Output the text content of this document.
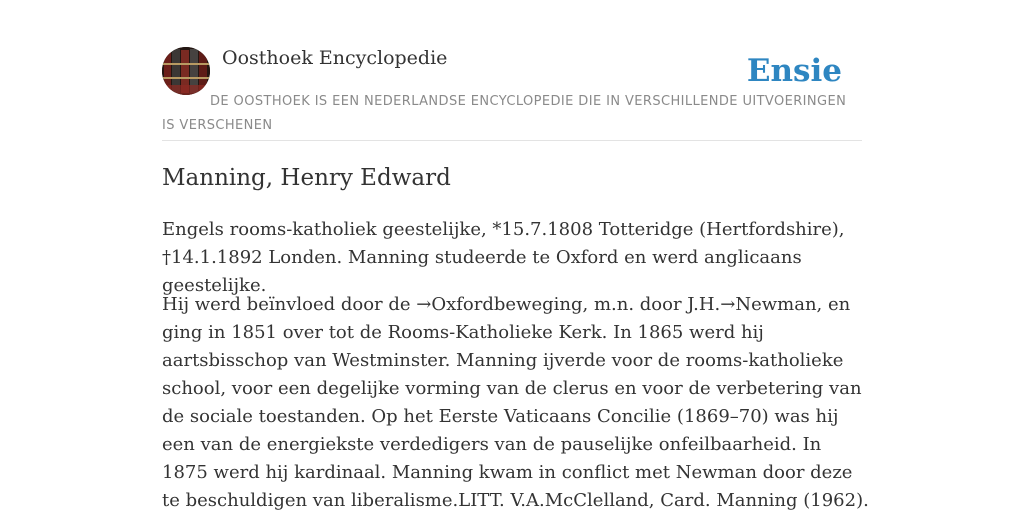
Oosthoek Encyclopedie	Ensie
DE OOSTHOEK IS EEN NEDERLANDSE ENCYCLOPEDIE DIE IN VERSCHILLENDE UITVOERINGEN IS VERSCHENEN
Manning, Henry Edward

Engels rooms-katholiek geestelijke, *15.7.1808 Totteridge (Hertfordshire), †14.1.1892 Londen. Manning studeerde te Oxford en werd anglicaans geestelijke.

Hij werd beïnvloed door de →Oxfordbeweging, m.n. door J.H.→Newman, en ging in 1851 over tot de Rooms-Katholieke Kerk. In 1865 werd hij aartsbisschop van Westminster. Manning ijverde voor de rooms-katholieke school, voor een degelijke vorming van de clerus en voor de verbetering van de sociale toestanden. Op het Eerste Vaticaans Concilie (1869–70) was hij een van de energiekste verdedigers van de pauselijke onfeilbaarheid. In 1875 werd hij kardinaal. Manning kwam in conflict met Newman door deze te beschuldigen van liberalisme.LITT. V.A.McClelland, Card. Manning (1962).
